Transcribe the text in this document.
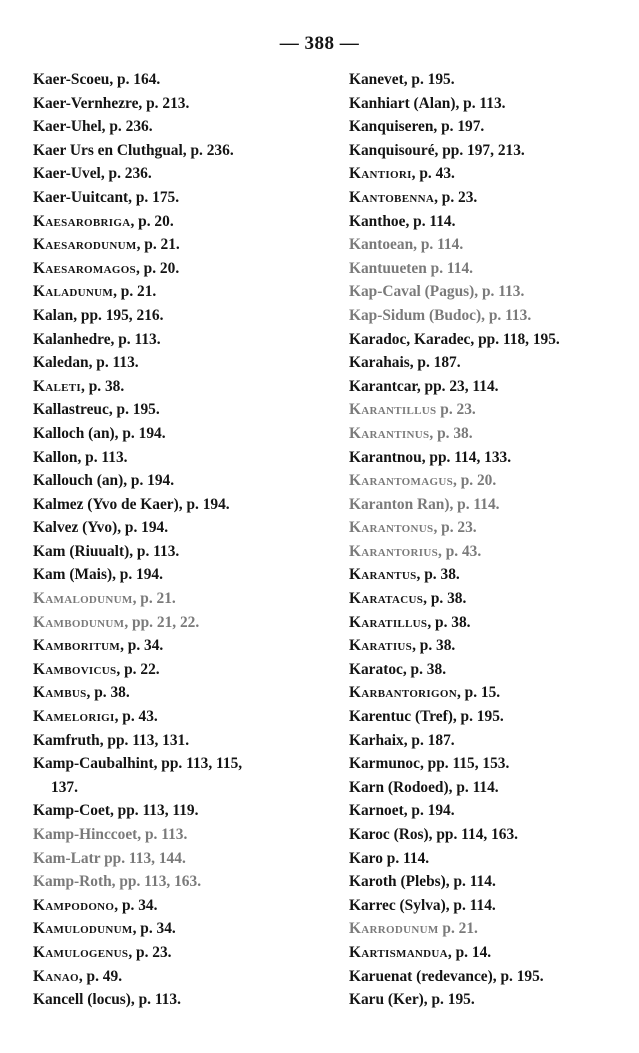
— 388 —
Kaer-Scoeu, p. 164.
Kaer-Vernhezre, p. 213.
Kaer-Uhel, p. 236.
Kaer Urs en Cluthgual, p. 236.
Kaer-Uvel, p. 236.
Kaer-Uuitcant, p. 175.
Kaesarobriga, p. 20.
Kaesarodunum, p. 21.
Kaesaromagos, p. 20.
Kaladunum, p. 21.
Kalan, pp. 195, 216.
Kalanhedre, p. 113.
Kaledan, p. 113.
Kaleti, p. 38.
Kallastreuc, p. 195.
Kalloch (an), p. 194.
Kallon, p. 113.
Kallouch (an), p. 194.
Kalmez (Yvo de Kaer), p. 194.
Kalvez (Yvo), p. 194.
Kam (Riuualt), p. 113.
Kam (Mais), p. 194.
Kamalodunum, p. 21.
Kambodunum, pp. 21, 22.
Kamboritum, p. 34.
Kambovicus, p. 22.
Kambus, p. 38.
Kamelorigi, p. 43.
Kamfruth, pp. 113, 131.
Kamp-Caubalhint, pp. 113, 115,
137.
Kamp-Coet, pp. 113, 119.
Kamp-Hinccoet, p. 113.
Kam-Latr pp. 113, 144.
Kamp-Roth, pp. 113, 163.
Kampodono, p. 34.
Kamulodunum, p. 34.
Kamulogenus, p. 23.
Kanao, p. 49.
Kancell (locus), p. 113.
Kanevet, p. 195.
Kanhiart (Alan), p. 113.
Kanquiseren, p. 197.
Kanquisouré, pp. 197, 213.
Kantiori, p. 43.
Kantobenna, p. 23.
Kanthoe, p. 114.
Kantoean, p. 114.
Kantuueten p. 114.
Kap-Caval (Pagus), p. 113.
Kap-Sidum (Budoc), p. 113.
Karadoc, Karadec, pp. 118, 195.
Karahais, p. 187.
Karantcar, pp. 23, 114.
Karantillus p. 23.
Karantinus, p. 38.
Karantnou, pp. 114, 133.
Karantomagus, p. 20.
Karanton Ran), p. 114.
Karantonus, p. 23.
Karantorius, p. 43.
Karantus, p. 38.
Karatacus, p. 38.
Karatillus, p. 38.
Karatius, p. 38.
Karatoc, p. 38.
Karbantorigon, p. 15.
Karentuc (Tref), p. 195.
Karhaix, p. 187.
Karmunoc, pp. 115, 153.
Karn (Rodoed), p. 114.
Karnoet, p. 194.
Karoc (Ros), pp. 114, 163.
Karo p. 114.
Karoth (Plebs), p. 114.
Karrec (Sylva), p. 114.
Karrodunum p. 21.
Kartismandua, p. 14.
Karuenat (redevance), p. 195.
Karu (Ker), p. 195.
